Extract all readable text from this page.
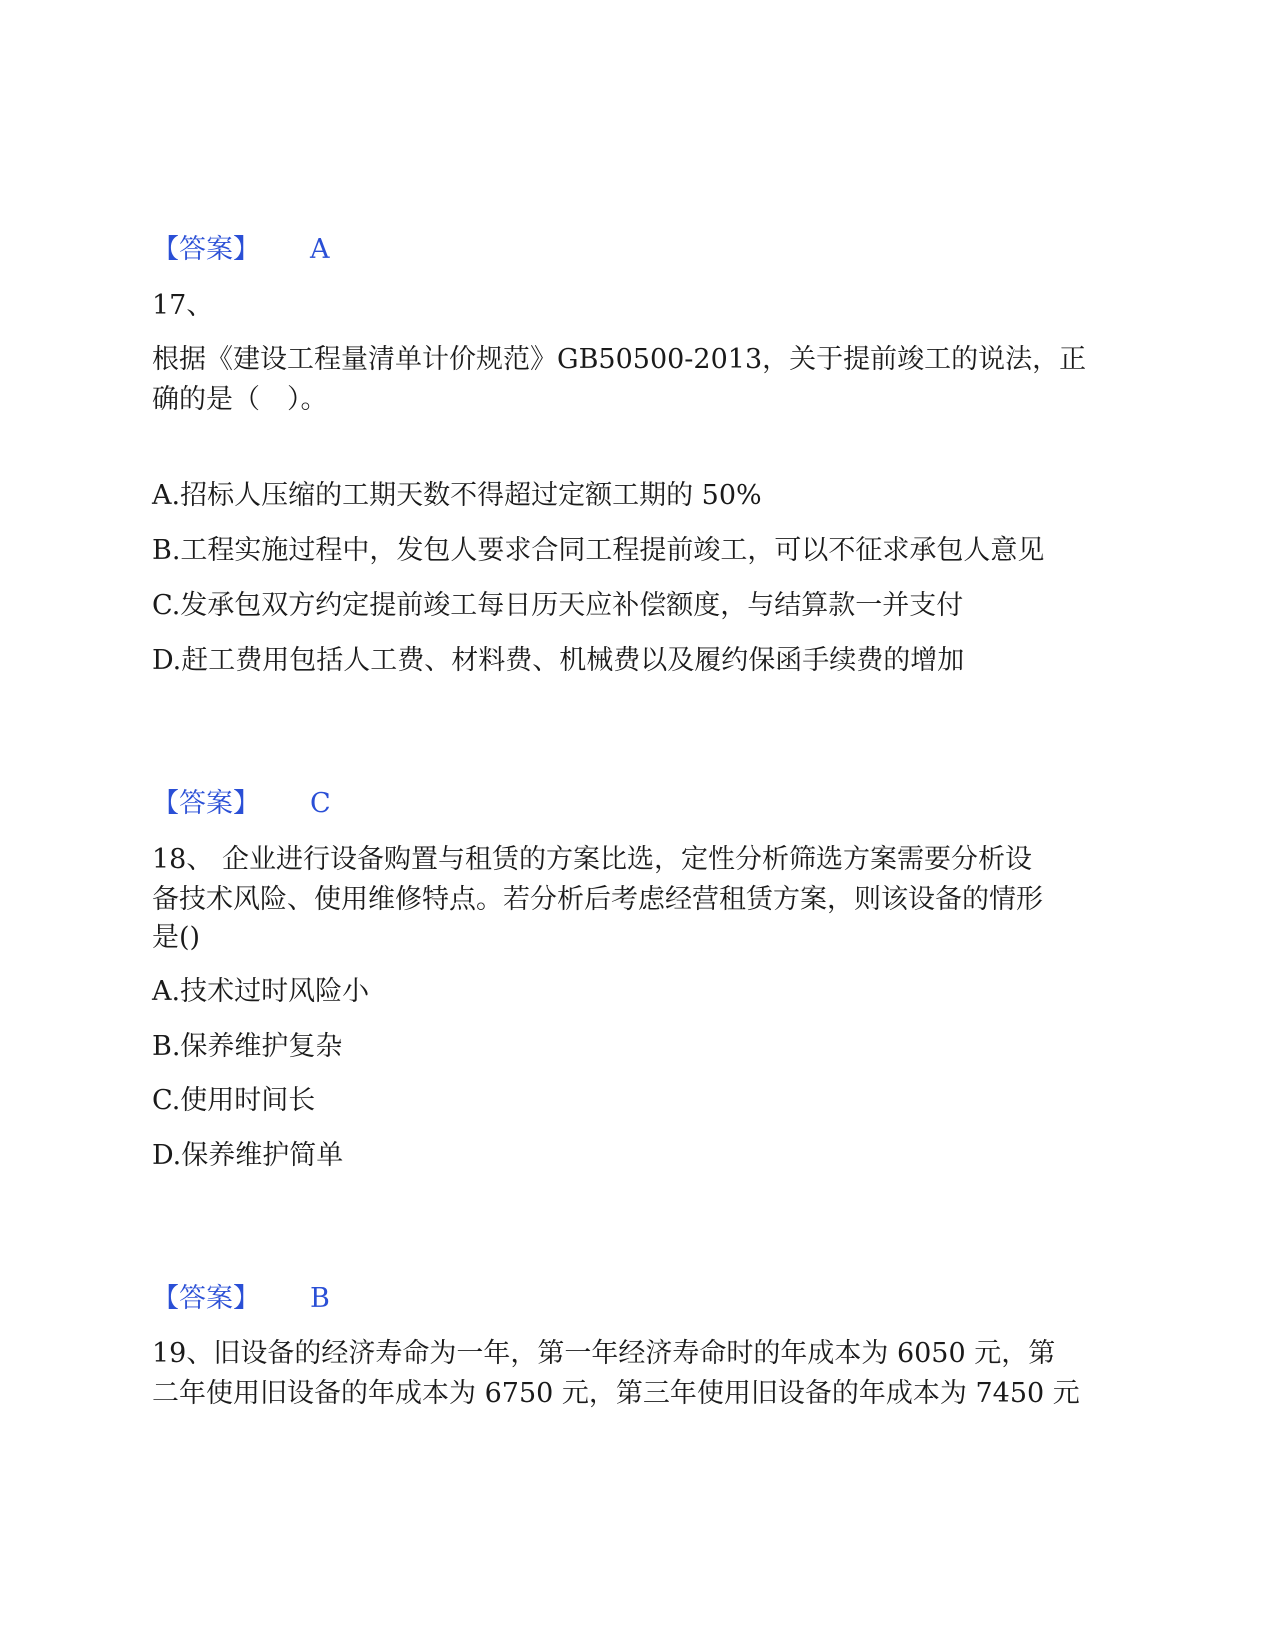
【答案】 A
17、
根据《建设工程量清单计价规范》GB50500-2013，关于提前竣工的说法，正
确的是（　）。
A.招标人压缩的工期天数不得超过定额工期的 50%
B.工程实施过程中，发包人要求合同工程提前竣工，可以不征求承包人意见
C.发承包双方约定提前竣工每日历天应补偿额度，与结算款一并支付
D.赶工费用包括人工费、材料费、机械费以及履约保函手续费的增加
【答案】 C
18、 企业进行设备购置与租赁的方案比选，定性分析筛选方案需要分析设
备技术风险、使用维修特点。若分析后考虑经营租赁方案，则该设备的情形
是()
A.技术过时风险小
B.保养维护复杂
C.使用时间长
D.保养维护简单
【答案】 B
19、旧设备的经济寿命为一年，第一年经济寿命时的年成本为 6050 元，第
二年使用旧设备的年成本为 6750 元，第三年使用旧设备的年成本为 7450 元
